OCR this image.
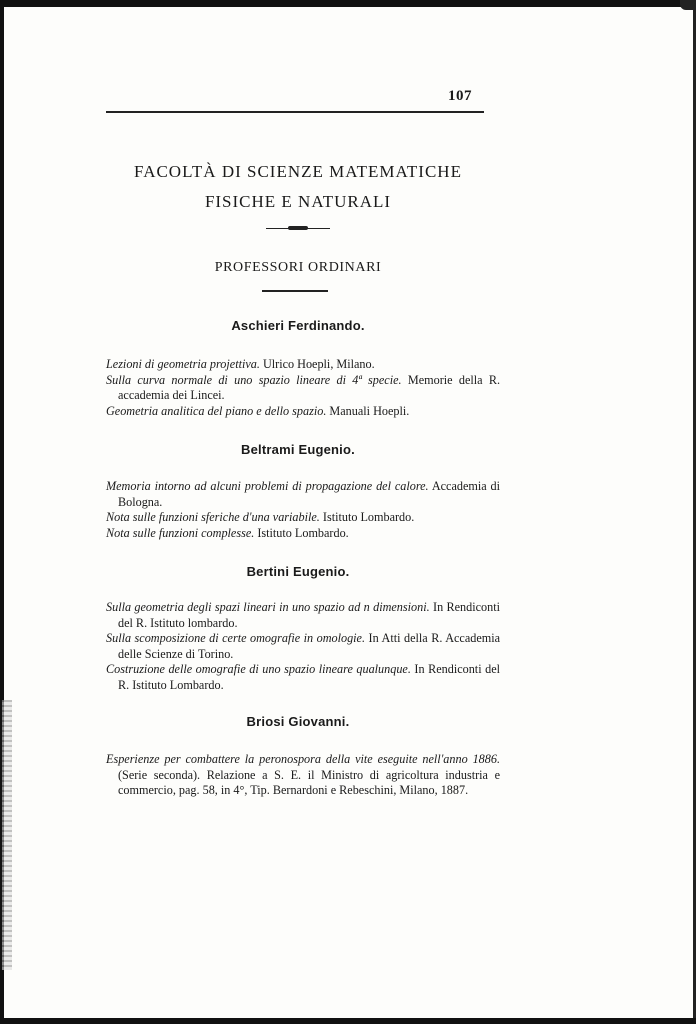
107
FACOLTÀ DI SCIENZE MATEMATICHE
FISICHE E NATURALI
PROFESSORI ORDINARI
Aschieri Ferdinando.
Lezioni di geometria projettiva. Ulrico Hoepli, Milano.
Sulla curva normale di uno spazio lineare di 4ª specie. Memorie della R. accademia dei Lincei.
Geometria analitica del piano e dello spazio. Manuali Hoepli.
Beltrami Eugenio.
Memoria intorno ad alcuni problemi di propagazione del calore. Accademia di Bologna.
Nota sulle funzioni sferiche d'una variabile. Istituto Lombardo.
Nota sulle funzioni complesse. Istituto Lombardo.
Bertini Eugenio.
Sulla geometria degli spazi lineari in uno spazio ad n dimensioni. In Rendiconti del R. Istituto lombardo.
Sulla scomposizione di certe omografie in omologie. In Atti della R. Accademia delle Scienze di Torino.
Costruzione delle omografie di uno spazio lineare qualunque. In Rendiconti del R. Istituto Lombardo.
Briosi Giovanni.
Esperienze per combattere la peronospora della vite eseguite nell'anno 1886. (Serie seconda). Relazione a S. E. il Ministro di agricoltura industria e commercio, pag. 58, in 4°, Tip. Bernardoni e Rebeschini, Milano, 1887.
